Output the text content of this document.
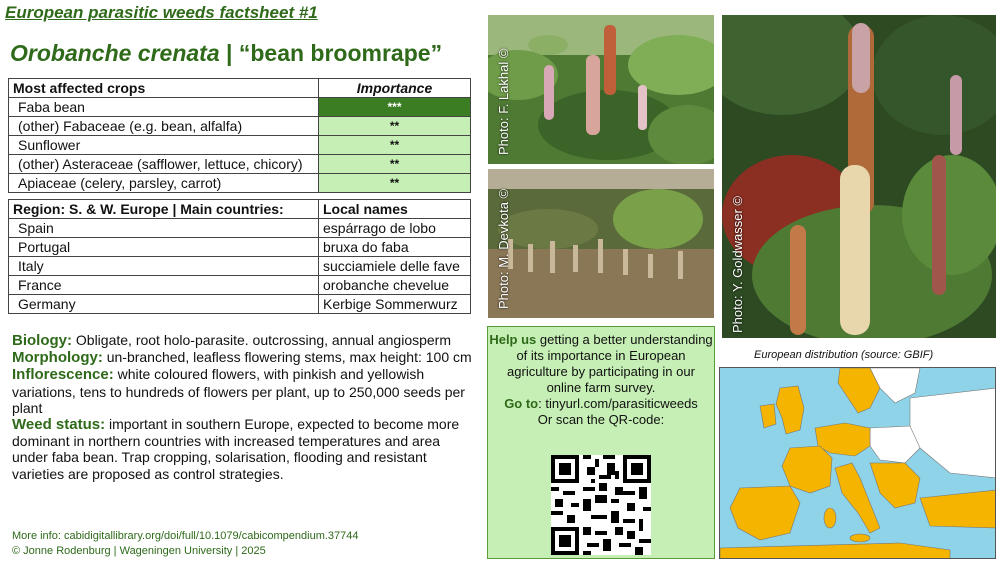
European parasitic weeds factsheet #1
Orobanche crenata | “bean broomrape”
Most affected crops	Importance
Faba bean	***
(other) Fabaceae (e.g. bean, alfalfa)	**
Sunflower	**
(other) Asteraceae (safflower, lettuce, chicory)	**
Apiaceae (celery, parsley, carrot)	**
Region: S. & W. Europe | Main countries:	Local names
Spain	espárrago de lobo
Portugal	bruxa do faba
Italy	succiamiele delle fave
France	orobanche chevelue
Germany	Kerbige Sommerwurz

Biology: Obligate, root holo-parasite. outcrossing, annual angiosperm

Morphology: un-branched, leafless flowering stems, max height: 100 cm

Inflorescence: white coloured flowers, with pinkish and yellowish variations, tens to hundreds of flowers per plant, up to 250,000 seeds per plant

Weed status: important in southern Europe, expected to become more dominant in northern countries with increased temperatures and area under faba bean. Trap cropping, solarisation, flooding and resistant varieties are proposed as control strategies.

More info: cabidigitallibrary.org/doi/full/10.1079/cabicompendium.37744
© Jonne Rodenburg | Wageningen University | 2025
Photo: F. Lakhal ©
Photo: M. Devkota ©	Photo: Y. Goldwasser ©
Help us getting a better understanding of its importance in European agriculture by participating in our online farm survey.
Go to: tinyurl.com/parasiticweeds
Or scan the QR-code:
European distribution (source: GBIF)
